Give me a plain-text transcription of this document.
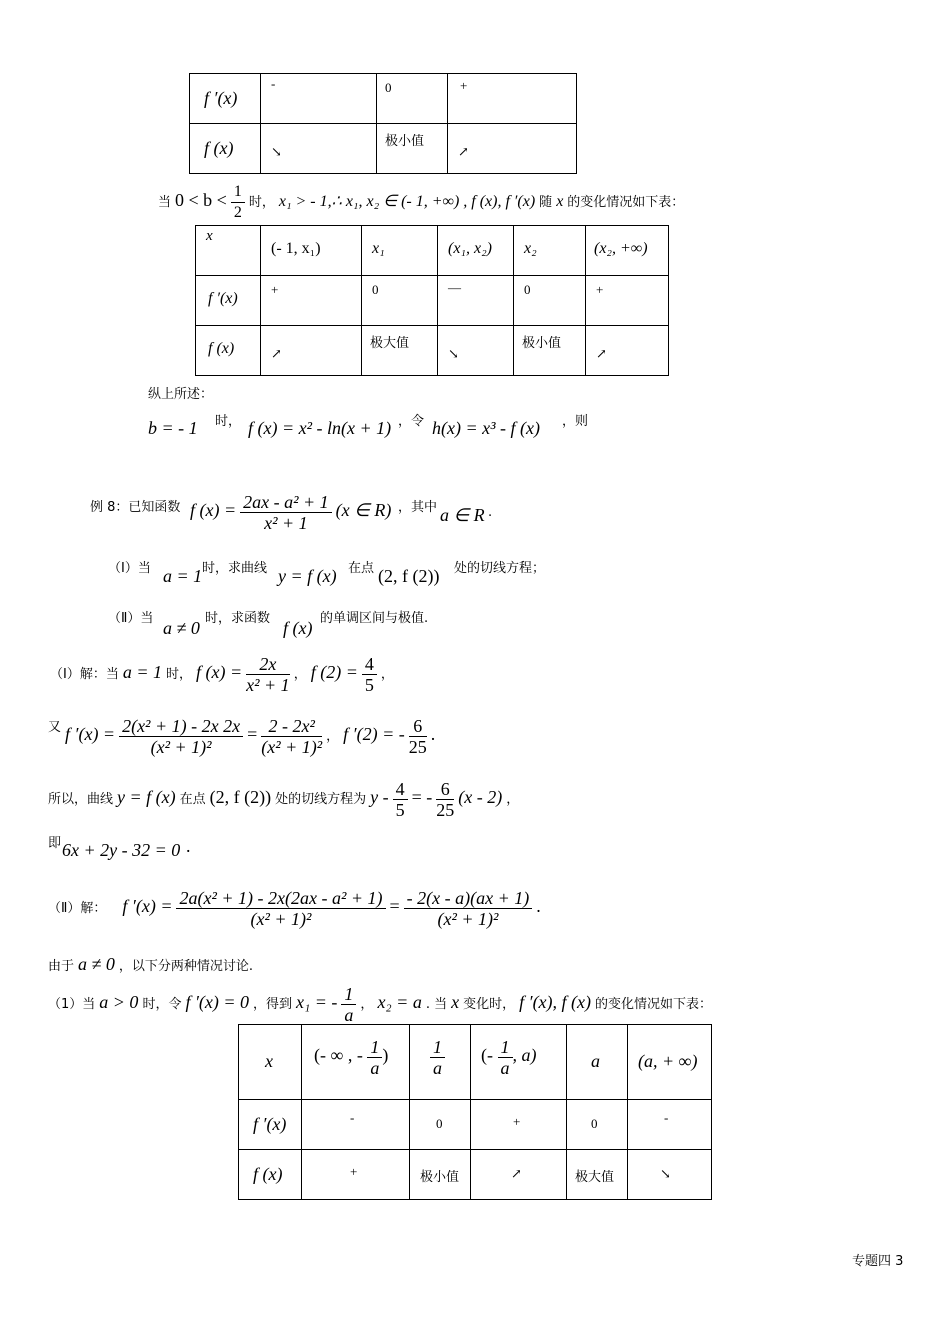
f ′(x)	-	0	+

f (x)	↘	极小值	↗
当 $0 < b < \frac{1}{2}$ 时， x₁ > - 1,∴ x₁, x₂ ∈ (- 1, +∞) , f (x), f ′(x) 随 x 的变化情况如下表：
x	(- 1, x₁)	x₁	(x₁, x₂)	x₂	(x₂, +∞)

f ′(x)	+	0	—	0	+

f (x)	↗	极大值	↘	极小值	↗
纵上所述：
b = - 1 时， f (x) = x² - ln(x + 1) ，令 h(x) = x³ - f (x) ，则
例 8：已知函数 f $(x) = \frac{\text{2ax - a² + 1}}{\text{x² + 1}} (x$ ∈ R) ，其中 a ∈ R .
（Ⅰ）当 a = 1 时，求曲线 y = f (x) 在点 (2, f (2)) 处的切线方程；
（Ⅱ）当 a ≠ 0 时，求函数 f (x) 的单调区间与极值.
（Ⅰ）解：当 a = 1 时， f $(x) = \frac{2x}{\text{x² + 1}}$ ， f $(2) = \frac{4}{5}$ ，
$^又$ f $'(x) = \frac{\text{2(x² + 1) - 2x 2x}}{\text{(x² + 1)²}} = \frac{\text{2 - 2x²}}{\text{(x² + 1)²}}$ ， f ′(2) = - $\frac{6}{25}$ .
所以，曲线 y = f (x) 在点 (2, f (2)) 处的切线方程为 y - $\frac{4}{5}$ = - $\frac{6}{25} (x - 2)$ ，
即 6x + 2y - 32 = 0 .
（Ⅱ）解： f $'(x) = \frac{\text{2a(x² + 1) - 2x(2ax - a² + 1)}}{\text{(x² + 1)²}} = \frac{- 2(x - a)(ax + 1)}{\text{(x² + 1)²}}$ .
由于 a ≠ 0 ，以下分两种情况讨论.
（1）当 a > 0 时，令 f ′(x) = 0 ，得到 x₁ = - $\frac{1}{a}$ ， x₂ = a . 当 x 变化时， f ′(x), f (x) 的变化情况如下表：
x	(- ∞ , - $\frac{1}{a}$ )	$\frac{1}{a}$	(- $\frac{1}{a}$ , a)	a	(a, + ∞)

f ′(x)	-	0	+	0	-

f (x)	+	极小值	↗	极大值	↘
专题四 3
